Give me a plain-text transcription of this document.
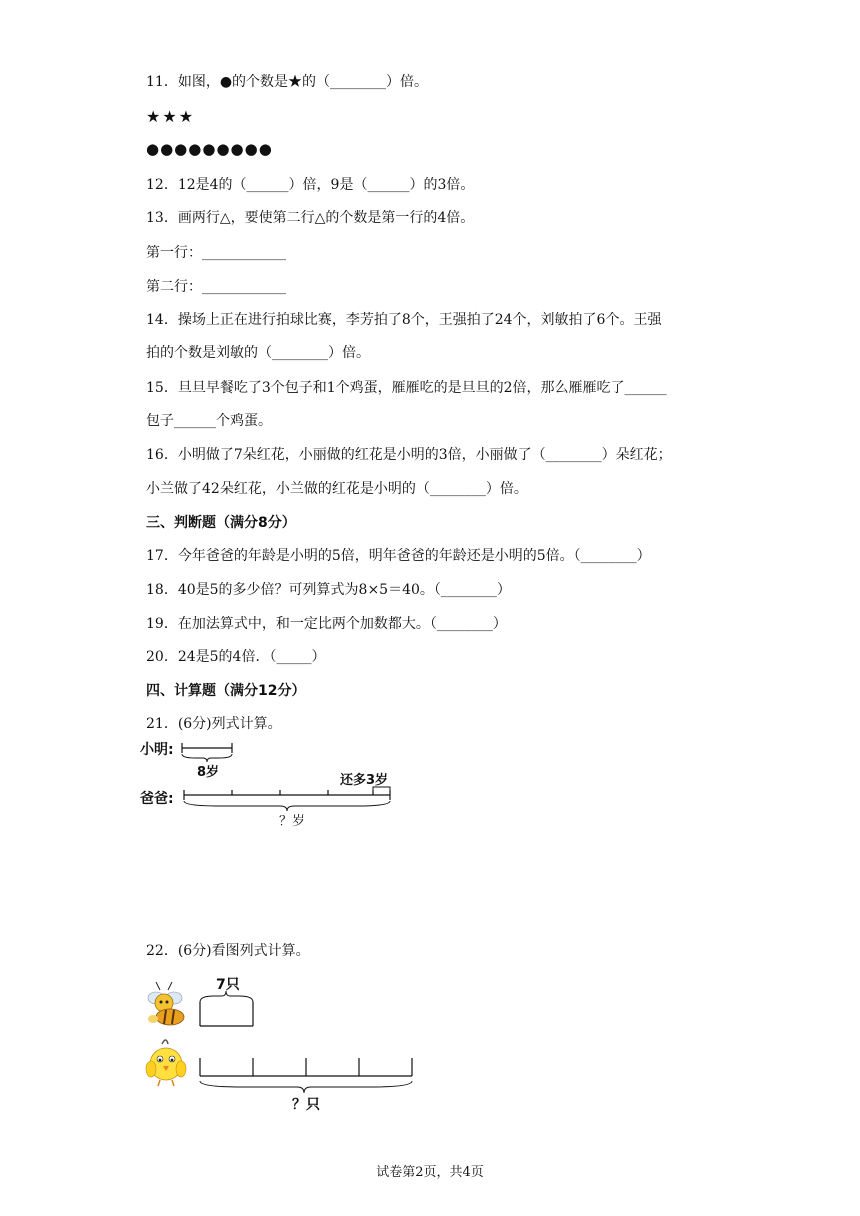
11．如图，●的个数是★的（________）倍。
★★★
●●●●●●●●●
12．12是4的（______）倍，9是（______）的3倍。
13．画两行△，要使第二行△的个数是第一行的4倍。
第一行：____________
第二行：____________
14．操场上正在进行拍球比赛，李芳拍了8个，王强拍了24个，刘敏拍了6个。王强
拍的个数是刘敏的（________）倍。
15．旦旦早餐吃了3个包子和1个鸡蛋，雁雁吃的是旦旦的2倍，那么雁雁吃了______
包子______个鸡蛋。
16．小明做了7朵红花，小丽做的红花是小明的3倍，小丽做了（________）朵红花；
小兰做了42朵红花，小兰做的红花是小明的（________）倍。
三、判断题（满分8分）
17．今年爸爸的年龄是小明的5倍，明年爸爸的年龄还是小明的5倍。（________）
18．40是5的多少倍？可列算式为8×5＝40。（________）
19．在加法算式中，和一定比两个加数都大。（________）
20．24是5的4倍．（_____）
四、计算题（满分12分）
21．(6分)列式计算。
小明:
8岁
爸爸:
还多3岁
？岁
22．(6分)看图列式计算。
7只
？只
试卷第2页，共4页
